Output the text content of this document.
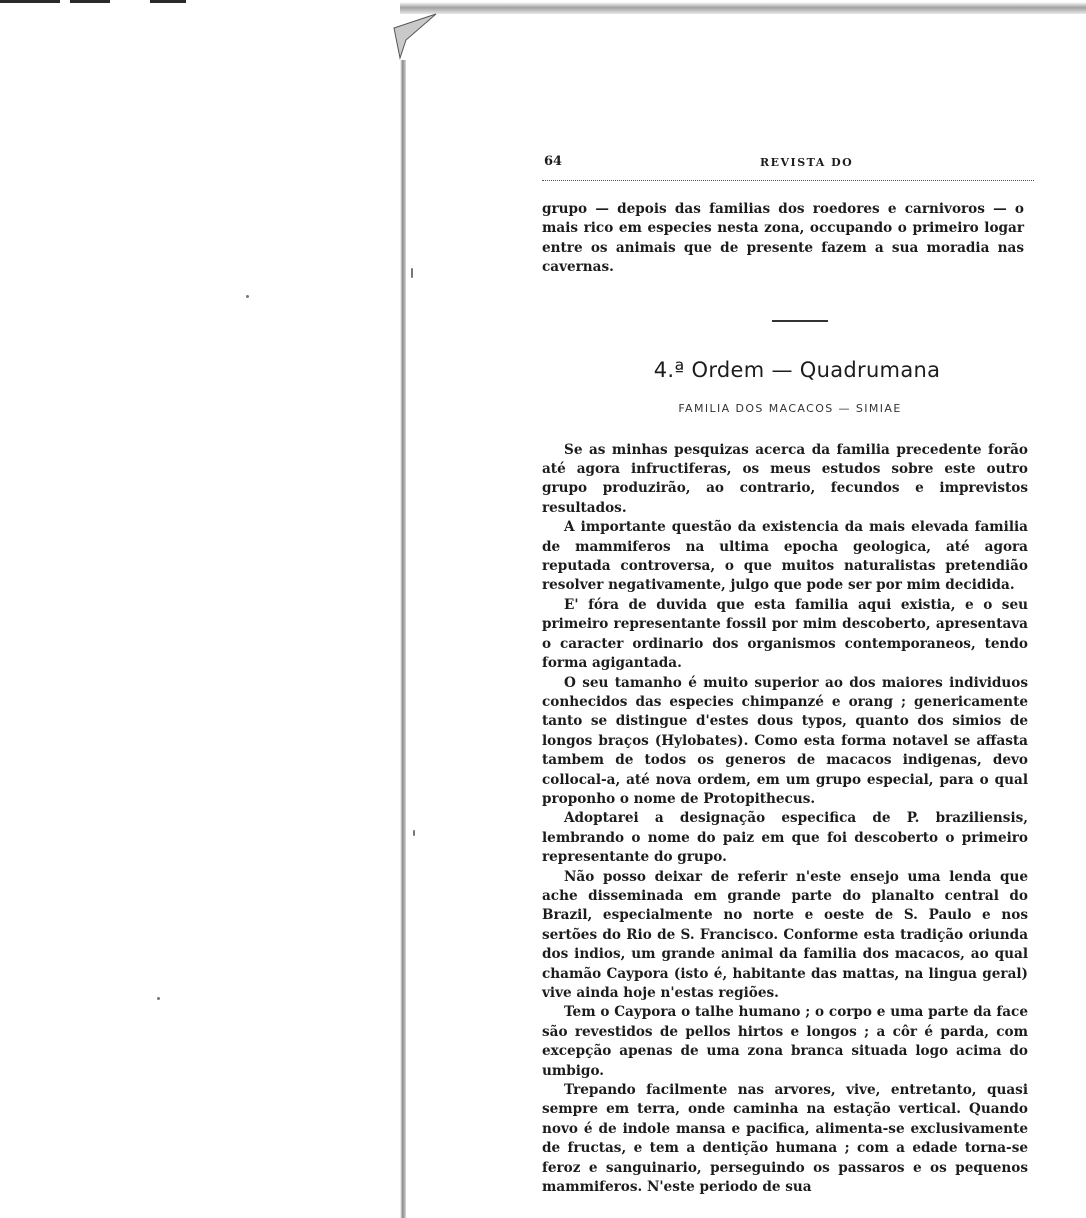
64	REVISTA DO

grupo — depois das familias dos roedores e carnivoros — o mais rico em especies nesta zona, occupando o primeiro logar entre os animais que de presente fazem a sua moradia nas cavernas.

4.ª Ordem — Quadrumana
FAMILIA DOS MACACOS — SIMIAE

Se as minhas pesquizas acerca da familia precedente forão até agora infructiferas, os meus estudos sobre este outro grupo produzirão, ao contrario, fecundos e imprevistos resultados.

A importante questão da existencia da mais elevada familia de mammiferos na ultima epocha geologica, até agora reputada controversa, o que muitos naturalistas pretendião resolver negativamente, julgo que pode ser por mim decidida.

E' fóra de duvida que esta familia aqui existia, e o seu primeiro representante fossil por mim descoberto, apresentava o caracter ordinario dos organismos contemporaneos, tendo forma agigantada.

O seu tamanho é muito superior ao dos maiores individuos conhecidos das especies chimpanzé e orang ; genericamente tanto se distingue d'estes dous typos, quanto dos simios de longos braços (Hylobates). Como esta forma notavel se affasta tambem de todos os generos de macacos indigenas, devo collocal-a, até nova ordem, em um grupo especial, para o qual proponho o nome de Protopithecus.

Adoptarei a designação especifica de P. braziliensis, lembrando o nome do paiz em que foi descoberto o primeiro representante do grupo.

Não posso deixar de referir n'este ensejo uma lenda que ache disseminada em grande parte do planalto central do Brazil, especialmente no norte e oeste de S. Paulo e nos sertões do Rio de S. Francisco. Conforme esta tradição oriunda dos indios, um grande animal da familia dos macacos, ao qual chamão Caypora (isto é, habitante das mattas, na lingua geral) vive ainda hoje n'estas regiões.

Tem o Caypora o talhe humano ; o corpo e uma parte da face são revestidos de pellos hirtos e longos ; a côr é parda, com excepção apenas de uma zona branca situada logo acima do umbigo.

Trepando facilmente nas arvores, vive, entretanto, quasi sempre em terra, onde caminha na estação vertical. Quando novo é de indole mansa e pacifica, alimenta-se exclusivamente de fructas, e tem a dentição humana ; com a edade torna-se feroz e sanguinario, perseguindo os passaros e os pequenos mammiferos. N'este periodo de sua
